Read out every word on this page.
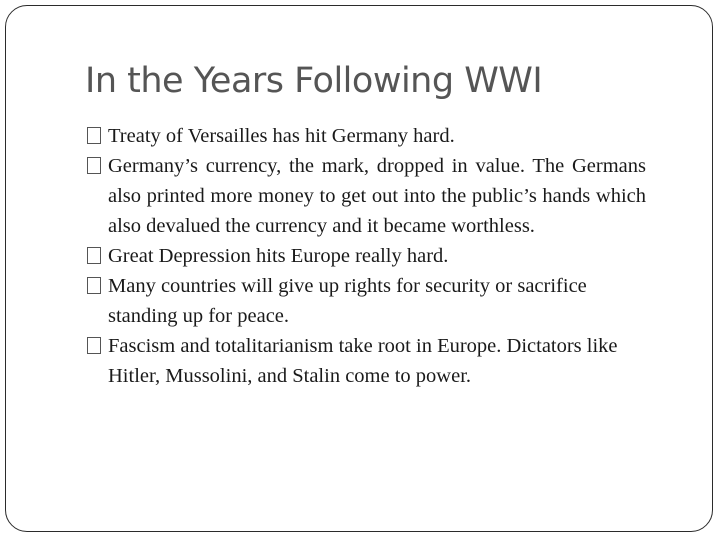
In the Years Following WWI
Treaty of Versailles has hit Germany hard.
Germany’s currency, the mark, dropped in value. The Germans also printed more money to get out into the public’s hands which also devalued the currency and it became worthless.
Great Depression hits Europe really hard.
Many countries will give up rights for security or sacrifice standing up for peace.
Fascism and totalitarianism take root in Europe. Dictators like Hitler, Mussolini, and Stalin come to power.
